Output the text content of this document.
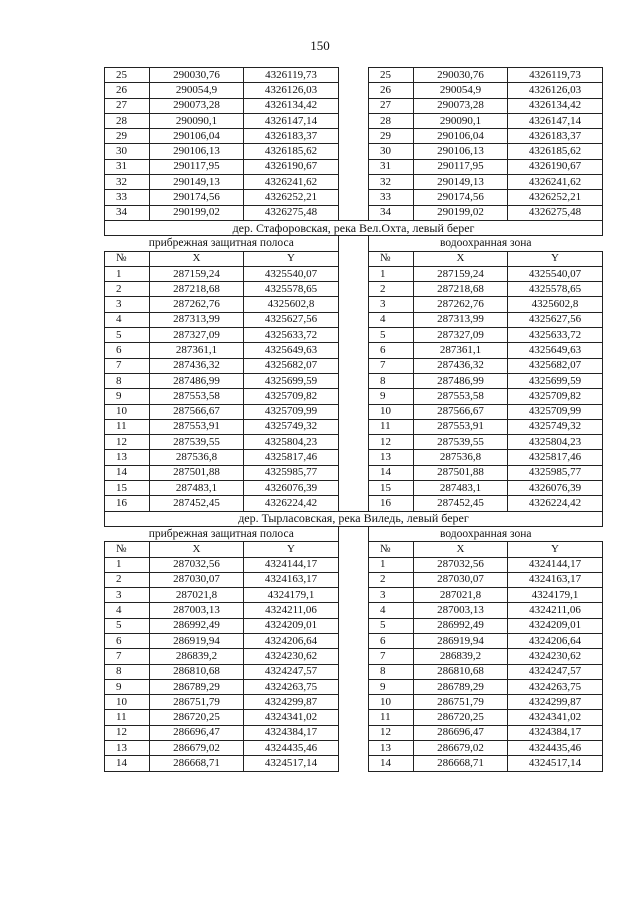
150
25	290030,76	4326119,73		25	290030,76	4326119,73
26	290054,9	4326126,03		26	290054,9	4326126,03
27	290073,28	4326134,42		27	290073,28	4326134,42
28	290090,1	4326147,14		28	290090,1	4326147,14
29	290106,04	4326183,37		29	290106,04	4326183,37
30	290106,13	4326185,62		30	290106,13	4326185,62
31	290117,95	4326190,67		31	290117,95	4326190,67
32	290149,13	4326241,62		32	290149,13	4326241,62
33	290174,56	4326252,21		33	290174,56	4326252,21
34	290199,02	4326275,48		34	290199,02	4326275,48
дер. Стафоровская, река Вел.Охта, левый берег						
прибрежная защитная полоса				водоохранная зона		
№	X	Y		№	X	Y
1	287159,24	4325540,07		1	287159,24	4325540,07
2	287218,68	4325578,65		2	287218,68	4325578,65
3	287262,76	4325602,8		3	287262,76	4325602,8
4	287313,99	4325627,56		4	287313,99	4325627,56
5	287327,09	4325633,72		5	287327,09	4325633,72
6	287361,1	4325649,63		6	287361,1	4325649,63
7	287436,32	4325682,07		7	287436,32	4325682,07
8	287486,99	4325699,59		8	287486,99	4325699,59
9	287553,58	4325709,82		9	287553,58	4325709,82
10	287566,67	4325709,99		10	287566,67	4325709,99
11	287553,91	4325749,32		11	287553,91	4325749,32
12	287539,55	4325804,23		12	287539,55	4325804,23
13	287536,8	4325817,46		13	287536,8	4325817,46
14	287501,88	4325985,77		14	287501,88	4325985,77
15	287483,1	4326076,39		15	287483,1	4326076,39
16	287452,45	4326224,42		16	287452,45	4326224,42
дер. Тырласовская, река Виледь, левый берег						
прибрежная защитная полоса				водоохранная зона		
№	X	Y		№	X	Y
1	287032,56	4324144,17		1	287032,56	4324144,17
2	287030,07	4324163,17		2	287030,07	4324163,17
3	287021,8	4324179,1		3	287021,8	4324179,1
4	287003,13	4324211,06		4	287003,13	4324211,06
5	286992,49	4324209,01		5	286992,49	4324209,01
6	286919,94	4324206,64		6	286919,94	4324206,64
7	286839,2	4324230,62		7	286839,2	4324230,62
8	286810,68	4324247,57		8	286810,68	4324247,57
9	286789,29	4324263,75		9	286789,29	4324263,75
10	286751,79	4324299,87		10	286751,79	4324299,87
11	286720,25	4324341,02		11	286720,25	4324341,02
12	286696,47	4324384,17		12	286696,47	4324384,17
13	286679,02	4324435,46		13	286679,02	4324435,46
14	286668,71	4324517,14		14	286668,71	4324517,14
